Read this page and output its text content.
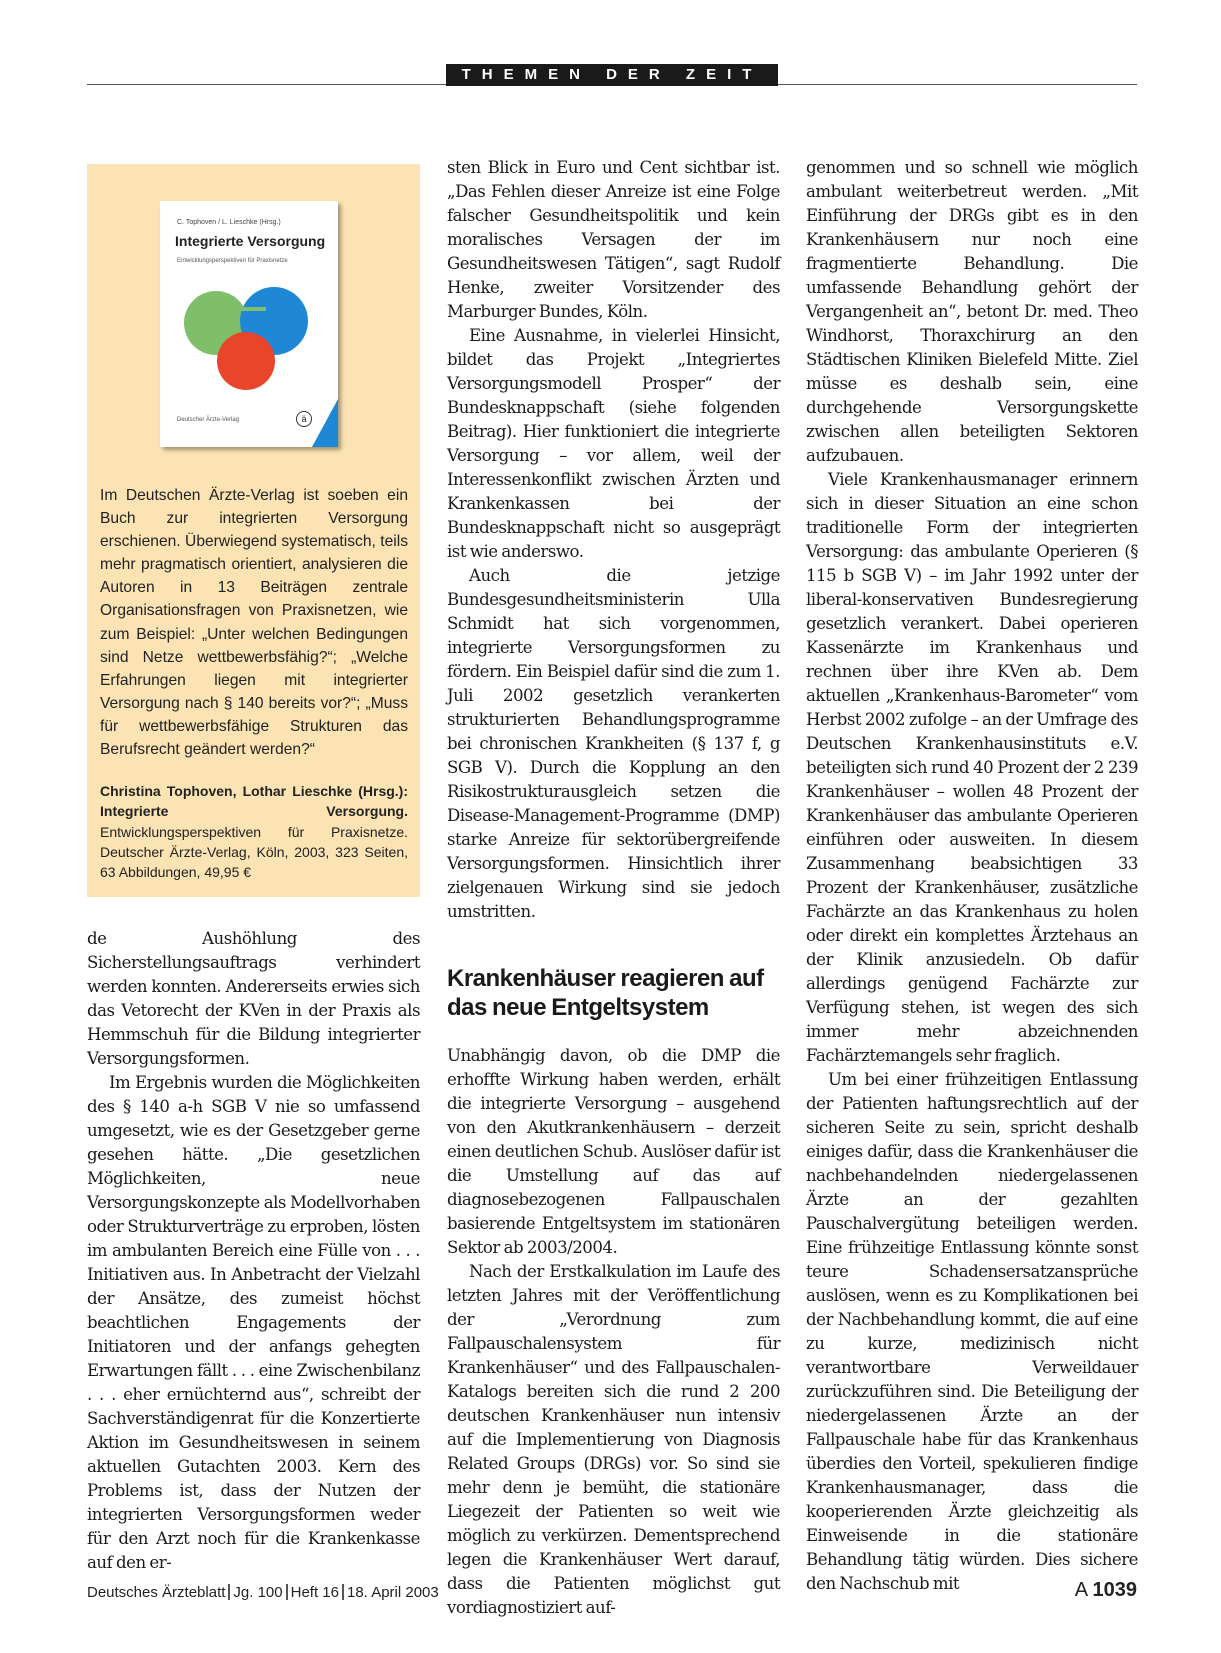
THEMEN DER ZEIT
C. Tophoven / L. Lieschke (Hrsg.)
Integrierte Versorgung
Entwicklungsperspektiven für Praxisnetze
Deutscher Ärzte-Verlag	ä
Im Deutschen Ärzte-Verlag ist soeben ein Buch zur integrierten Versorgung erschienen. Überwiegend systematisch, teils mehr pragmatisch orientiert, analysieren die Autoren in 13 Beiträgen zentrale Organisationsfragen von Praxisnetzen, wie zum Beispiel: „Unter welchen Bedingungen sind Netze wettbewerbsfähig?“; „Welche Erfahrungen liegen mit integrierter Versorgung nach § 140 bereits vor?“; „Muss für wettbewerbsfähige Strukturen das Berufsrecht geändert werden?“
Christina Tophoven, Lothar Lieschke (Hrsg.): Integrierte Versorgung. Entwicklungsperspektiven für Praxisnetze. Deutscher Ärzte-Verlag, Köln, 2003, 323 Seiten, 63 Abbildungen, 49,95 €

de Aushöhlung des Sicherstellungsauftrags verhindert werden konnten. Andererseits erwies sich das Vetorecht der KVen in der Praxis als Hemmschuh für die Bildung integrierter Versorgungsformen.

Im Ergebnis wurden die Möglichkeiten des § 140 a-h SGB V nie so umfassend umgesetzt, wie es der Gesetzgeber gerne gesehen hätte. „Die gesetzlichen Möglichkeiten, neue Versorgungskonzepte als Modellvorhaben oder Strukturverträge zu erproben, lösten im ambulanten Bereich eine Fülle von . . . Initiativen aus. In Anbetracht der Vielzahl der Ansätze, des zumeist höchst beachtlichen Engagements der Initiatoren und der anfangs gehegten Erwartungen fällt . . . eine Zwischenbilanz . . . eher ernüchternd aus“, schreibt der Sachverständigenrat für die Konzertierte Aktion im Gesundheitswesen in seinem aktuellen Gutachten 2003. Kern des Problems ist, dass der Nutzen der integrierten Versorgungsformen weder für den Arzt noch für die Krankenkasse auf den er-

sten Blick in Euro und Cent sichtbar ist. „Das Fehlen dieser Anreize ist eine Folge falscher Gesundheitspolitik und kein moralisches Versagen der im Gesundheitswesen Tätigen“, sagt Rudolf Henke, zweiter Vorsitzender des Marburger Bundes, Köln.

Eine Ausnahme, in vielerlei Hinsicht, bildet das Projekt „Integriertes Versorgungsmodell Prosper“ der Bundesknappschaft (siehe folgenden Beitrag). Hier funktioniert die integrierte Versorgung – vor allem, weil der Interessenkonflikt zwischen Ärzten und Krankenkassen bei der Bundesknappschaft nicht so ausgeprägt ist wie anderswo.

Auch die jetzige Bundesgesundheitsministerin Ulla Schmidt hat sich vorgenommen, integrierte Versorgungsformen zu fördern. Ein Beispiel dafür sind die zum 1. Juli 2002 gesetzlich verankerten strukturierten Behandlungsprogramme bei chronischen Krankheiten (§ 137 f, g SGB V). Durch die Kopplung an den Risikostrukturausgleich setzen die Disease-Management-Programme (DMP) starke Anreize für sektorübergreifende Versorgungsformen. Hinsichtlich ihrer zielgenauen Wirkung sind sie jedoch umstritten.

Krankenhäuser reagieren auf das neue Entgeltsystem

Unabhängig davon, ob die DMP die erhoffte Wirkung haben werden, erhält die integrierte Versorgung – ausgehend von den Akutkrankenhäusern – derzeit einen deutlichen Schub. Auslöser dafür ist die Umstellung auf das auf diagnosebezogenen Fallpauschalen basierende Entgeltsystem im stationären Sektor ab 2003/2004.

Nach der Erstkalkulation im Laufe des letzten Jahres mit der Veröffentlichung der „Verordnung zum Fallpauschalensystem für Krankenhäuser“ und des Fallpauschalen-Katalogs bereiten sich die rund 2 200 deutschen Krankenhäuser nun intensiv auf die Implementierung von Diagnosis Related Groups (DRGs) vor. So sind sie mehr denn je bemüht, die stationäre Liegezeit der Patienten so weit wie möglich zu verkürzen. Dementsprechend legen die Krankenhäuser Wert darauf, dass die Patienten möglichst gut vordiagnostiziert auf-

genommen und so schnell wie möglich ambulant weiterbetreut werden. „Mit Einführung der DRGs gibt es in den Krankenhäusern nur noch eine fragmentierte Behandlung. Die umfassende Behandlung gehört der Vergangenheit an“, betont Dr. med. Theo Windhorst, Thoraxchirurg an den Städtischen Kliniken Bielefeld Mitte. Ziel müsse es deshalb sein, eine durchgehende Versorgungskette zwischen allen beteiligten Sektoren aufzubauen.

Viele Krankenhausmanager erinnern sich in dieser Situation an eine schon traditionelle Form der integrierten Versorgung: das ambulante Operieren (§ 115 b SGB V) – im Jahr 1992 unter der liberal-konservativen Bundesregierung gesetzlich verankert. Dabei operieren Kassenärzte im Krankenhaus und rechnen über ihre KVen ab. Dem aktuellen „Krankenhaus-Barometer“ vom Herbst 2002 zufolge – an der Umfrage des Deutschen Krankenhausinstituts e.V. beteiligten sich rund 40 Prozent der 2 239 Krankenhäuser – wollen 48 Prozent der Krankenhäuser das ambulante Operieren einführen oder ausweiten. In diesem Zusammenhang beabsichtigen 33 Prozent der Krankenhäuser, zusätzliche Fachärzte an das Krankenhaus zu holen oder direkt ein komplettes Ärztehaus an der Klinik anzusiedeln. Ob dafür allerdings genügend Fachärzte zur Verfügung stehen, ist wegen des sich immer mehr abzeichnenden Fachärztemangels sehr fraglich.

Um bei einer frühzeitigen Entlassung der Patienten haftungsrechtlich auf der sicheren Seite zu sein, spricht deshalb einiges dafür, dass die Krankenhäuser die nachbehandelnden niedergelassenen Ärzte an der gezahlten Pauschalvergütung beteiligen werden. Eine frühzeitige Entlassung könnte sonst teure Schadensersatzansprüche auslösen, wenn es zu Komplikationen bei der Nachbehandlung kommt, die auf eine zu kurze, medizinisch nicht verantwortbare Verweildauer zurückzuführen sind. Die Beteiligung der niedergelassenen Ärzte an der Fallpauschale habe für das Krankenhaus überdies den Vorteil, spekulieren findige Krankenhausmanager, dass die kooperierenden Ärzte gleichzeitig als Einweisende in die stationäre Behandlung tätig würden. Dies sichere den Nachschub mit

Deutsches Ärzteblatt Jg. 100 Heft 16 18. April 2003	A 1039
